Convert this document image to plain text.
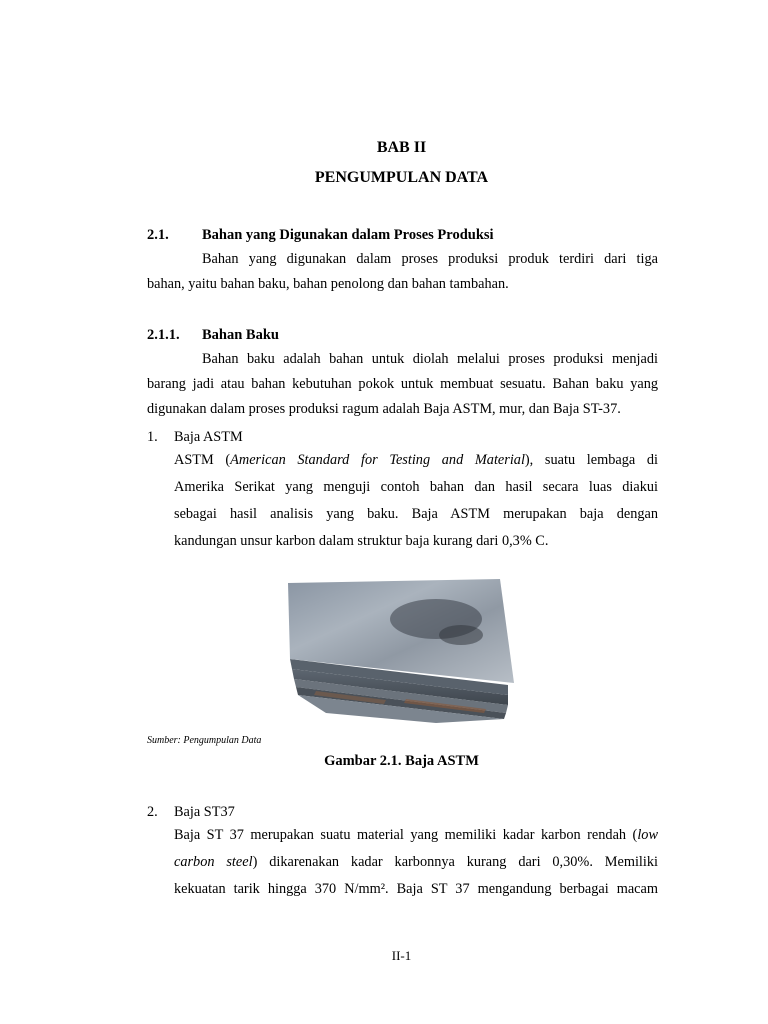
BAB II
PENGUMPULAN DATA
2.1. Bahan yang Digunakan dalam Proses Produksi
Bahan yang digunakan dalam proses produksi produk terdiri dari tiga
bahan, yaitu bahan baku, bahan penolong dan bahan tambahan.
2.1.1. Bahan Baku
Bahan baku adalah bahan untuk diolah melalui proses produksi menjadi
barang jadi atau bahan kebutuhan pokok untuk membuat sesuatu. Bahan baku yang
digunakan dalam proses produksi ragum adalah Baja ASTM, mur, dan Baja ST-37.
1. Baja ASTM
ASTM (American Standard for Testing and Material), suatu lembaga di
Amerika Serikat yang menguji contoh bahan dan hasil secara luas diakui
sebagai hasil analisis yang baku. Baja ASTM merupakan baja dengan
kandungan unsur karbon dalam struktur baja kurang dari 0,3% C.
Sumber: Pengumpulan Data
Gambar 2.1. Baja ASTM
2. Baja ST37
Baja ST 37 merupakan suatu material yang memiliki kadar karbon rendah (low
carbon steel) dikarenakan kadar karbonnya kurang dari 0,30%. Memiliki
kekuatan tarik hingga 370 N/mm². Baja ST 37 mengandung berbagai macam
II-1
